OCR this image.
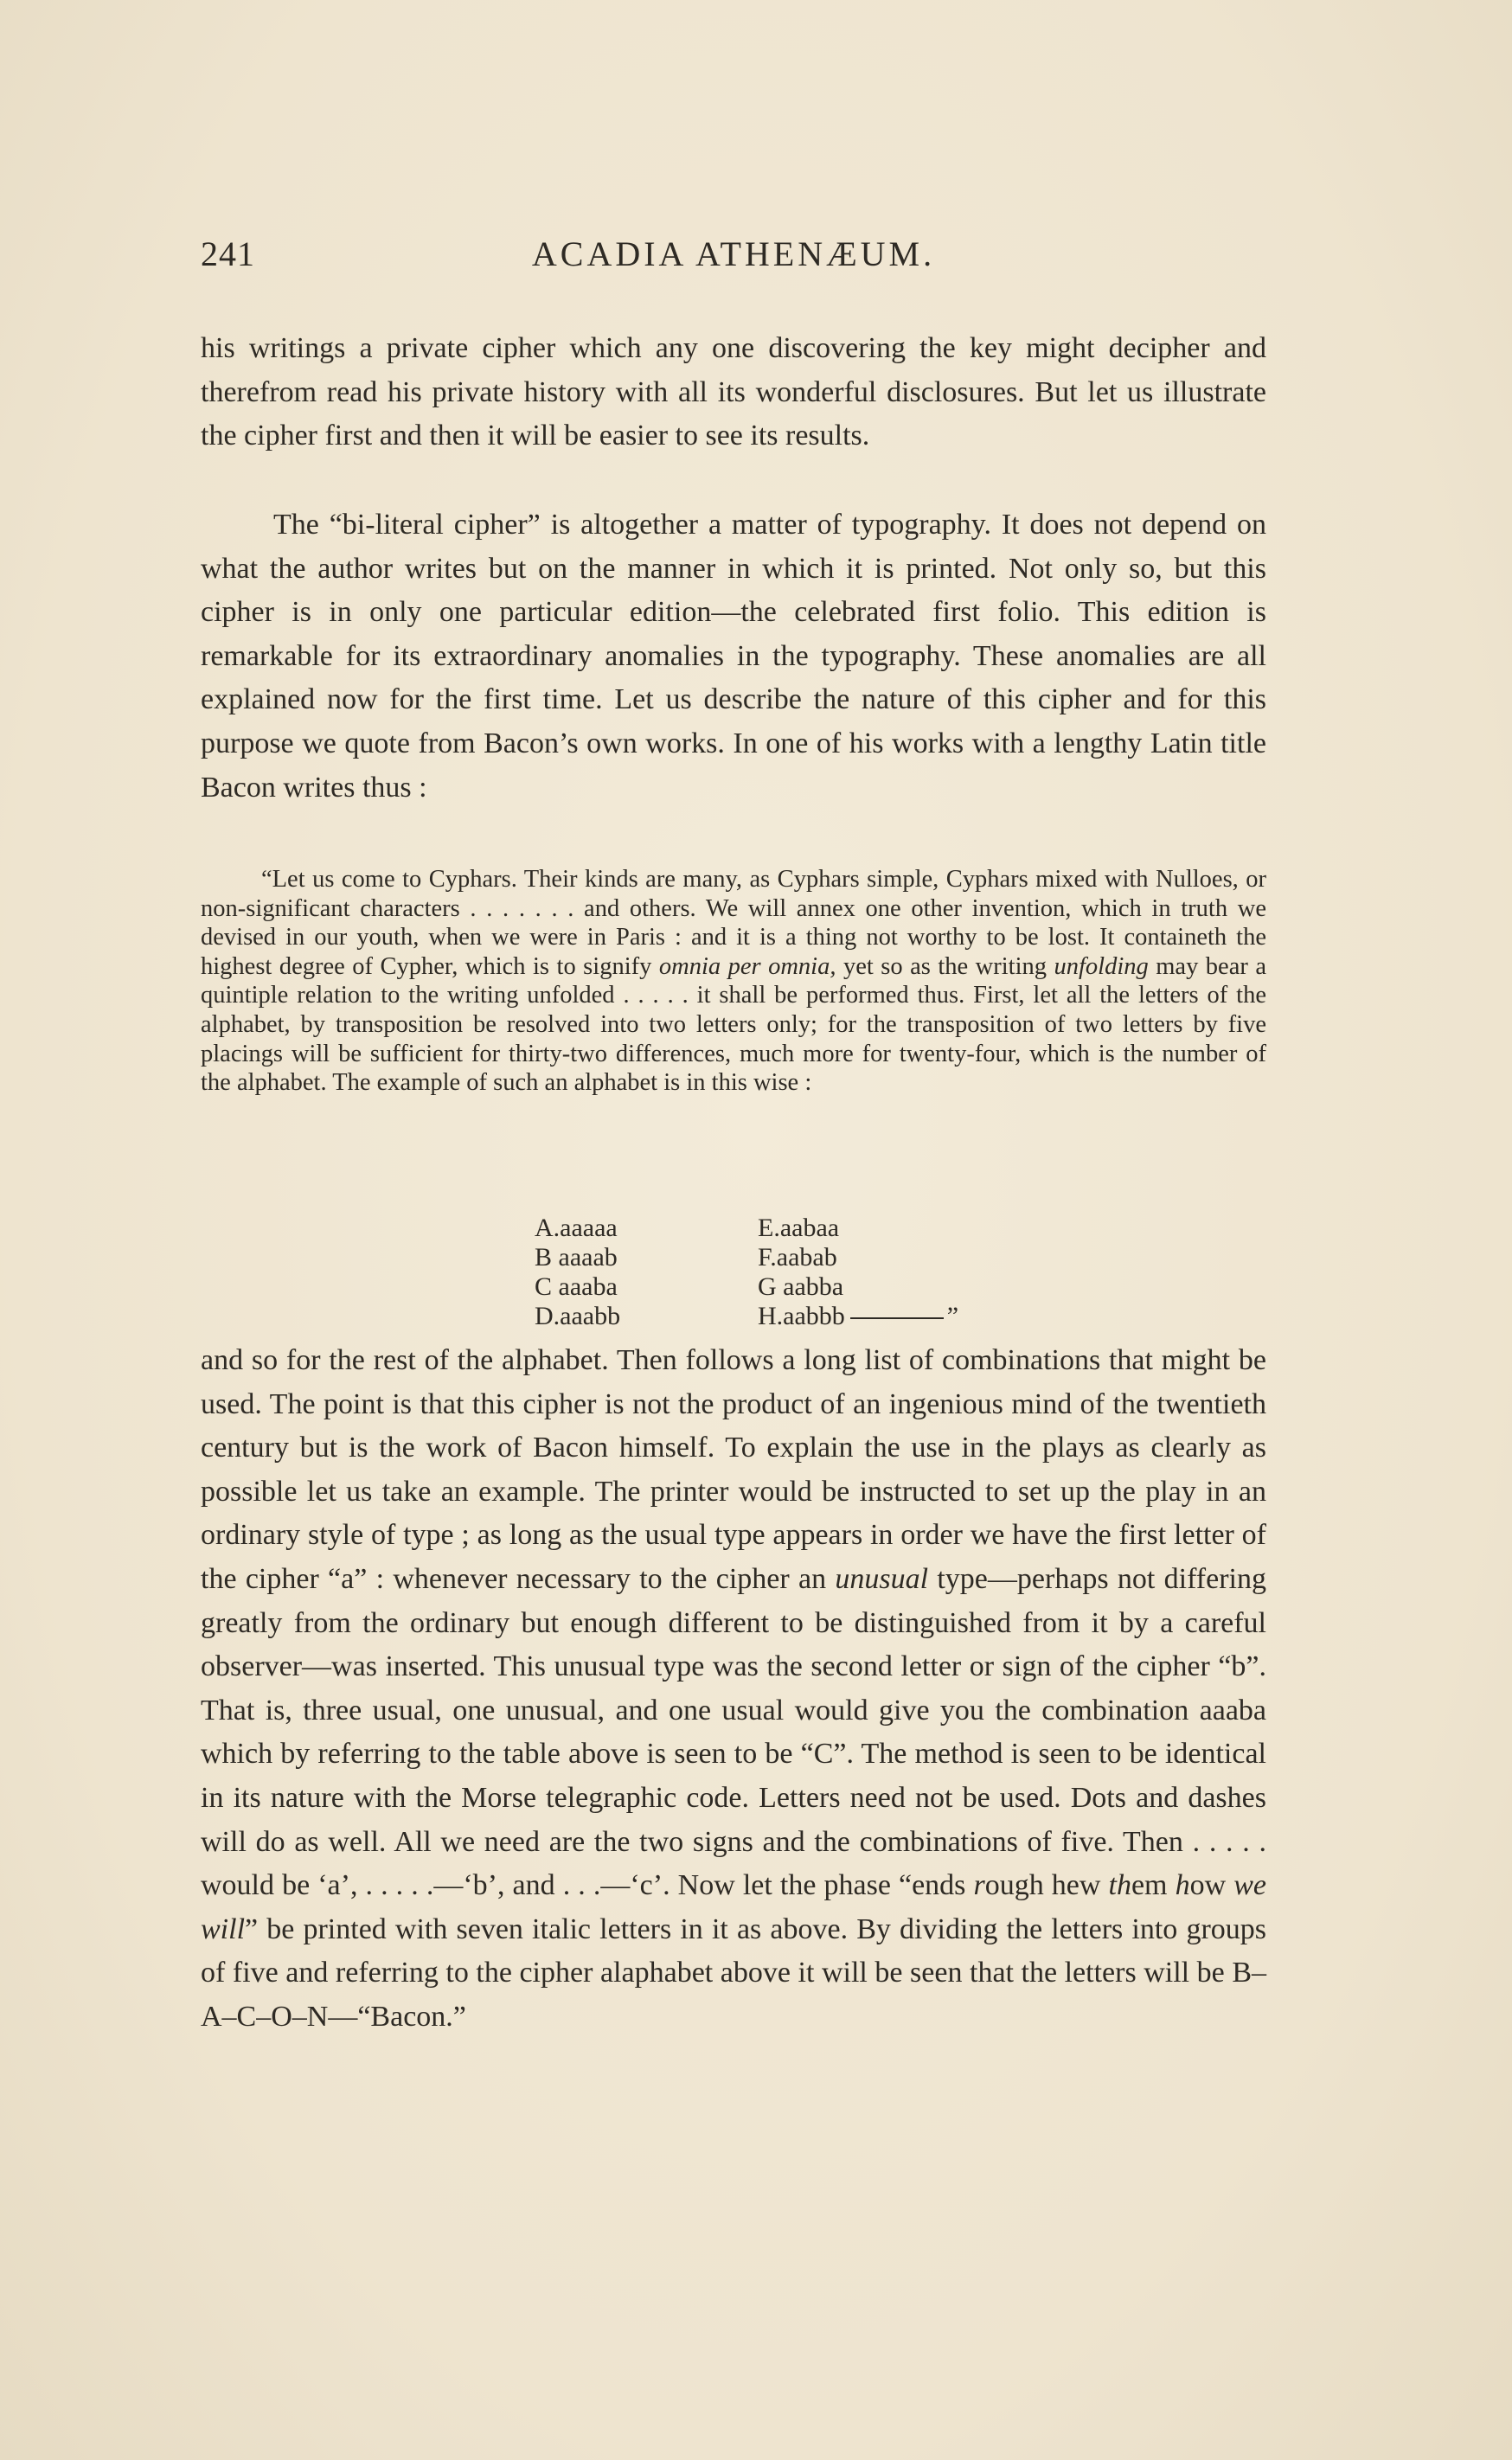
241	ACADIA ATHENÆUM.

his writings a private cipher which any one discovering the key might decipher and therefrom read his private history with all its wonderful disclosures. But let us illustrate the cipher first and then it will be easier to see its results.

The “bi-literal cipher” is altogether a matter of typography. It does not depend on what the author writes but on the manner in which it is printed. Not only so, but this cipher is in only one particular edition—the celebrated first folio. This edition is remarkable for its extraordinary anomalies in the typography. These anomalies are all explained now for the first time. Let us describe the nature of this cipher and for this purpose we quote from Bacon’s own works. In one of his works with a lengthy Latin title Bacon writes thus :

“Let us come to Cyphars. Their kinds are many, as Cyphars simple, Cyphars mixed with Nulloes, or non-significant characters . . . . . . . and others. We will annex one other invention, which in truth we devised in our youth, when we were in Paris : and it is a thing not worthy to be lost. It containeth the highest degree of Cypher, which is to signify omnia per omnia, yet so as the writing unfolding may bear a quintiple relation to the writing unfolded . . . . . it shall be performed thus. First, let all the letters of the alphabet, by transposition be resolved into two letters only; for the transposition of two letters by five placings will be sufficient for thirty-two differences, much more for twenty-four, which is the number of the alphabet. The example of such an alphabet is in this wise :

A.aaaaa
B aaaab
C aaaba
D.aaabb
E.aabaa
F.aabab
G aabba
H.aabbb	”

and so for the rest of the alphabet. Then follows a long list of combinations that might be used. The point is that this cipher is not the product of an ingenious mind of the twentieth century but is the work of Bacon himself. To explain the use in the plays as clearly as possible let us take an example. The printer would be instructed to set up the play in an ordinary style of type ; as long as the usual type appears in order we have the first letter of the cipher “a” : whenever necessary to the cipher an unusual type—perhaps not differing greatly from the ordinary but enough different to be distinguished from it by a careful observer—was inserted. This unusual type was the second letter or sign of the cipher “b”. That is, three usual, one unusual, and one usual would give you the combination aaaba which by referring to the table above is seen to be “C”. The method is seen to be identical in its nature with the Morse telegraphic code. Letters need not be used. Dots and dashes will do as well. All we need are the two signs and the combinations of five. Then . . . . . would be ‘a’, . . . . .—‘b’, and . . .—‘c’. Now let the phase “ends rough hew them how we will” be printed with seven italic letters in it as above. By dividing the letters into groups of five and referring to the cipher alaphabet above it will be seen that the letters will be B–A–C–O–N—“Bacon.”
